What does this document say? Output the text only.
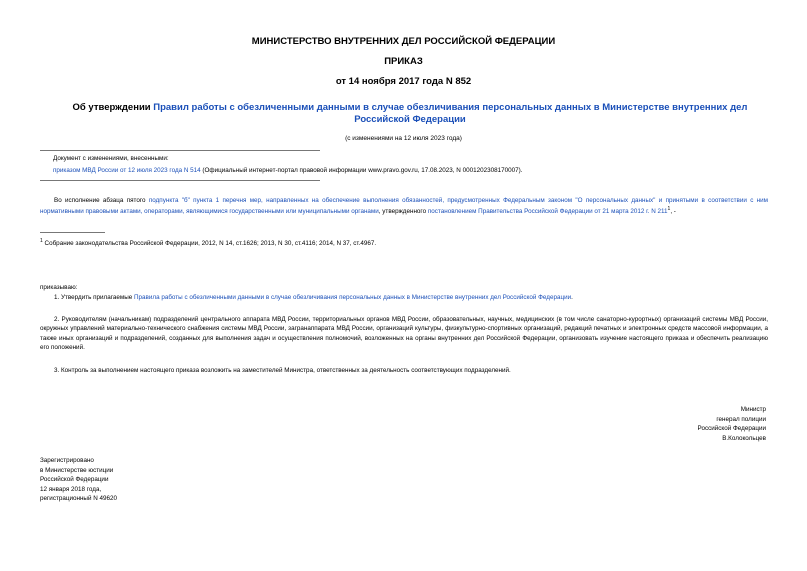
МИНИСТЕРСТВО ВНУТРЕННИХ ДЕЛ РОССИЙСКОЙ ФЕДЕРАЦИИ
ПРИКАЗ
от 14 ноября 2017 года N 852
Об утверждении Правил работы с обезличенными данными в случае обезличивания персональных данных в Министерстве внутренних дел Российской Федерации
(с изменениями на 12 июля 2023 года)
Документ с изменениями, внесенными:
приказом МВД России от 12 июля 2023 года N 514 (Официальный интернет-портал правовой информации www.pravo.gov.ru, 17.08.2023, N 0001202308170007).
Во исполнение абзаца пятого подпункта "б" пункта 1 перечня мер, направленных на обеспечение выполнения обязанностей, предусмотренных Федеральным законом "О персональных данных" и принятыми в соответствии с ним нормативными правовыми актами, операторами, являющимися государственными или муниципальными органами, утвержденного постановлением Правительства Российской Федерации от 21 марта 2012 г. N $211^1$, -
$^1$ Собрание законодательства Российской Федерации, 2012, N 14, ст.1626; 2013, N 30, ст.4116; 2014, N 37, ст.4967.
приказываю:
1. Утвердить прилагаемые Правила работы с обезличенными данными в случае обезличивания персональных данных в Министерстве внутренних дел Российской Федерации.
2. Руководителям (начальникам) подразделений центрального аппарата МВД России, территориальных органов МВД России, образовательных, научных, медицинских (в том числе санаторно-курортных) организаций системы МВД России, окружных управлений материально-технического снабжения системы МВД России, загранаппарата МВД России, организаций культуры, физкультурно-спортивных организаций, редакций печатных и электронных средств массовой информации, а также иных организаций и подразделений, созданных для выполнения задач и осуществления полномочий, возложенных на органы внутренних дел Российской Федерации, организовать изучение настоящего приказа и обеспечить реализацию его положений.
3. Контроль за выполнением настоящего приказа возложить на заместителей Министра, ответственных за деятельность соответствующих подразделений.
Министр
генерал полиции
Российской Федерации
В.Колокольцев
Зарегистрировано
в Министерстве юстиции
Российской Федерации
12 января 2018 года,
регистрационный N 49620
